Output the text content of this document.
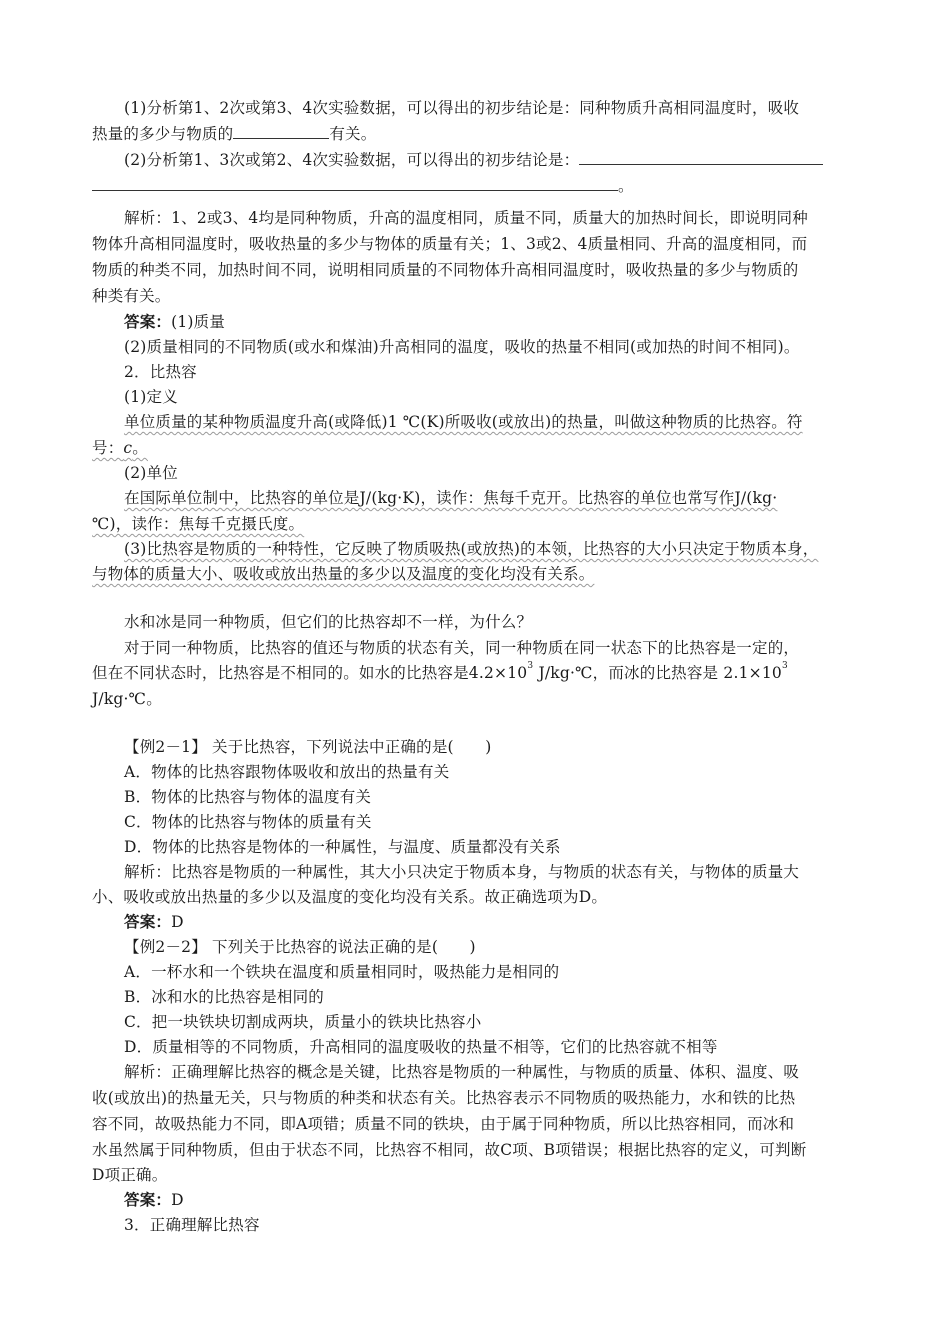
(1)分析第1、2次或第3、4次实验数据，可以得出的初步结论是：同种物质升高相同温度时，吸收
热量的多少与物质的	有关。
(2)分析第1、3次或第2、4次实验数据，可以得出的初步结论是：
。
解析：1、2或3、4均是同种物质，升高的温度相同，质量不同，质量大的加热时间长，即说明同种
物体升高相同温度时，吸收热量的多少与物体的质量有关；1、3或2、4质量相同、升高的温度相同，而
物质的种类不同，加热时间不同，说明相同质量的不同物体升高相同温度时，吸收热量的多少与物质的
种类有关。
答案：(1)质量
(2)质量相同的不同物质(或水和煤油)升高相同的温度，吸收的热量不相同(或加热的时间不相同)。
2．比热容
(1)定义
单位质量的某种物质温度升高(或降低)1 ℃(K)所吸收(或放出)的热量，叫做这种物质的比热容。符
号：c。
(2)单位
在国际单位制中，比热容的单位是J/(kg·K)，读作：焦每千克开。比热容的单位也常写作J/(kg·
℃)，读作：焦每千克摄氏度。
(3)比热容是物质的一种特性，它反映了物质吸热(或放热)的本领，比热容的大小只决定于物质本身，
与物体的质量大小、吸收或放出热量的多少以及温度的变化均没有关系。
水和冰是同一种物质，但它们的比热容却不一样，为什么？
对于同一种物质，比热容的值还与物质的状态有关，同一种物质在同一状态下的比热容是一定的，
但在不同状态时，比热容是不相同的。如水的比热容是$4.2\times 10^3$ J/kg·℃，而冰的比热容是 $2.1\times 10^3$
J/kg·℃。
【例2－1】 关于比热容，下列说法中正确的是(　　)
A．物体的比热容跟物体吸收和放出的热量有关
B．物体的比热容与物体的温度有关
C．物体的比热容与物体的质量有关
D．物体的比热容是物体的一种属性，与温度、质量都没有关系
解析：比热容是物质的一种属性，其大小只决定于物质本身，与物质的状态有关，与物体的质量大
小、吸收或放出热量的多少以及温度的变化均没有关系。故正确选项为D。
答案：D
【例2－2】 下列关于比热容的说法正确的是(　　)
A．一杯水和一个铁块在温度和质量相同时，吸热能力是相同的
B．冰和水的比热容是相同的
C．把一块铁块切割成两块，质量小的铁块比热容小
D．质量相等的不同物质，升高相同的温度吸收的热量不相等，它们的比热容就不相等
解析：正确理解比热容的概念是关键，比热容是物质的一种属性，与物质的质量、体积、温度、吸
收(或放出)的热量无关，只与物质的种类和状态有关。比热容表示不同物质的吸热能力，水和铁的比热
容不同，故吸热能力不同，即A项错；质量不同的铁块，由于属于同种物质，所以比热容相同，而冰和
水虽然属于同种物质，但由于状态不同，比热容不相同，故C项、B项错误；根据比热容的定义，可判断
D项正确。
答案：D
3．正确理解比热容
